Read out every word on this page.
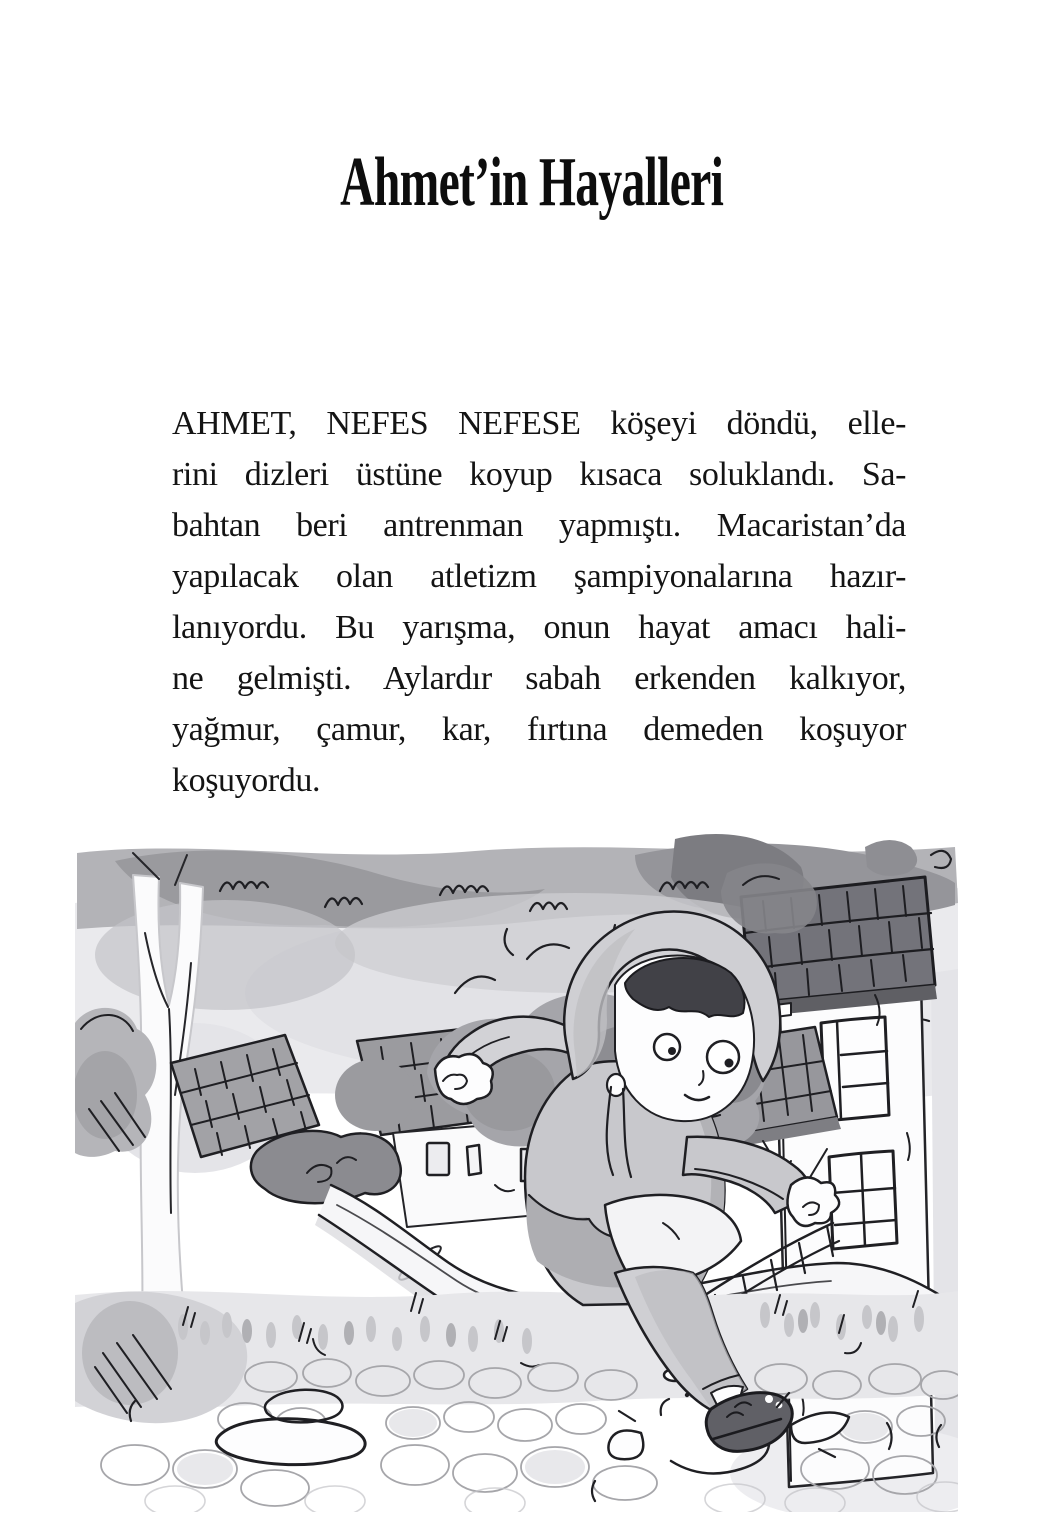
Ahmet’in Hayalleri
AHMET, NEFES NEFESE köşeyi döndü, elle-
rini dizleri üstüne koyup kısaca soluklandı. Sa-
bahtan beri antrenman yapmıştı. Macaristan’da
yapılacak olan atletizm şampiyonalarına hazır-
lanıyordu. Bu yarışma, onun hayat amacı hali-
ne gelmişti. Aylardır sabah erkenden kalkıyor,
yağmur, çamur, kar, fırtına demeden koşuyor
koşuyordu.
